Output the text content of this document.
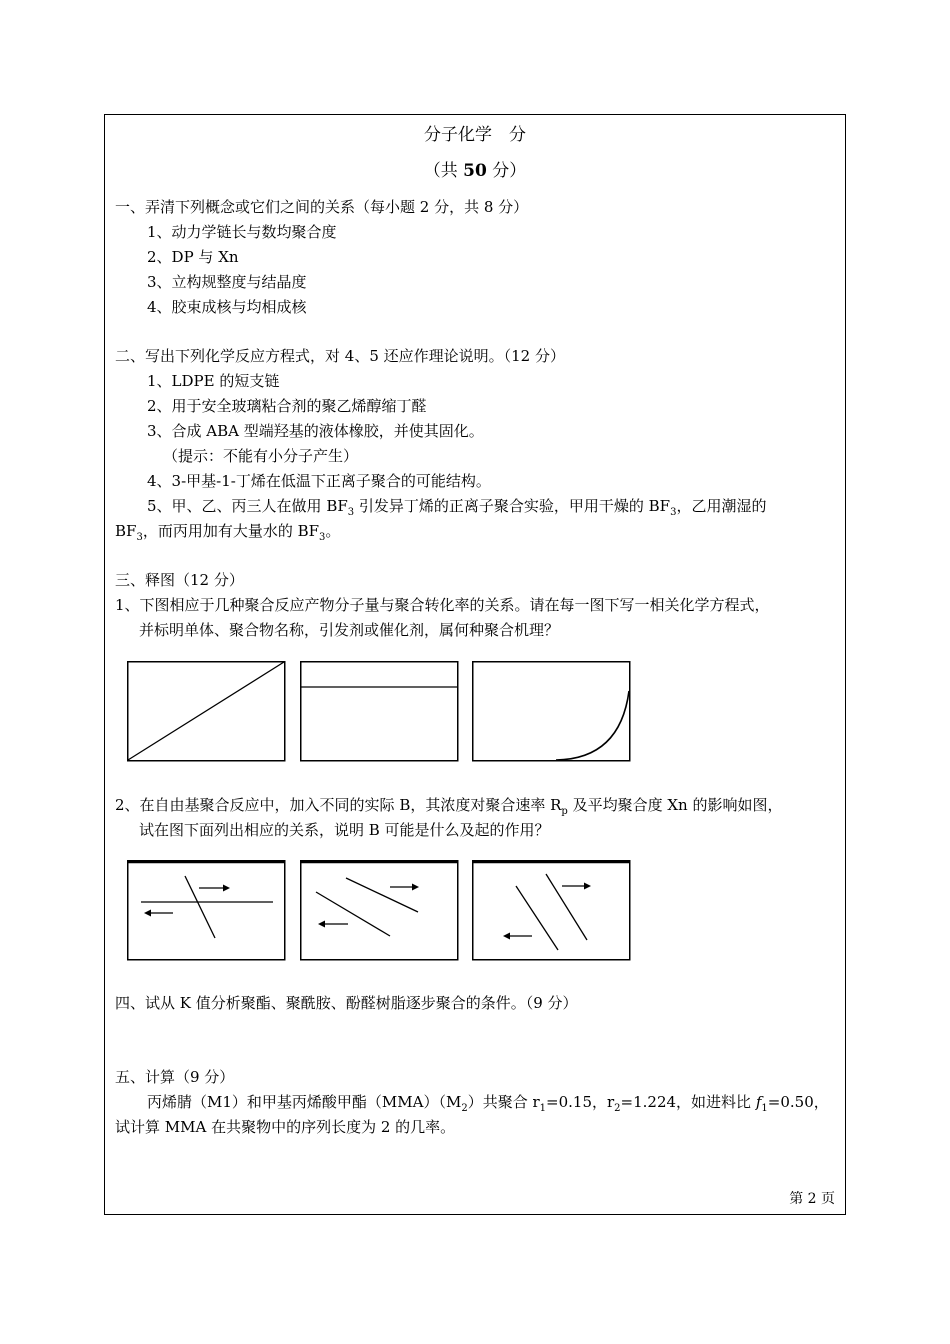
分子化学　分
（共 50 分）
一、弄清下列概念或它们之间的关系（每小题 2 分，共 8 分）
1、动力学链长与数均聚合度
2、DP 与 Xn
3、立构规整度与结晶度
4、胶束成核与均相成核
二、写出下列化学反应方程式，对 4、5 还应作理论说明。（12 分）
1、LDPE 的短支链
2、用于安全玻璃粘合剂的聚乙烯醇缩丁醛
3、合成 ABA 型端羟基的液体橡胶，并使其固化。
（提示：不能有小分子产生）
4、3-甲基-1-丁烯在低温下正离子聚合的可能结构。
5、甲、乙、丙三人在做用 $BF_3$ 引发异丁烯的正离子聚合实验，甲用干燥的 $BF_3$，乙用潮湿的
$BF_3$，而丙用加有大量水的 $BF_3$。
三、释图（12 分）
1、下图相应于几种聚合反应产物分子量与聚合转化率的关系。请在每一图下写一相关化学方程式，
并标明单体、聚合物名称，引发剂或催化剂，属何种聚合机理？
2、在自由基聚合反应中，加入不同的实际 B，其浓度对聚合速率 $R_p$ 及平均聚合度 Xn 的影响如图，
试在图下面列出相应的关系，说明 B 可能是什么及起的作用？
四、试从 K 值分析聚酯、聚酰胺、酚醛树脂逐步聚合的条件。（9 分）
五、计算（9 分）
丙烯腈（M1）和甲基丙烯酸甲酯$(MMA)(M_2)$共聚合 $r_1=0.15$，$r_2=1.224$，如进料比 $f_1=0.50$，
试计算 MMA 在共聚物中的序列长度为 2 的几率。
第 2 页
